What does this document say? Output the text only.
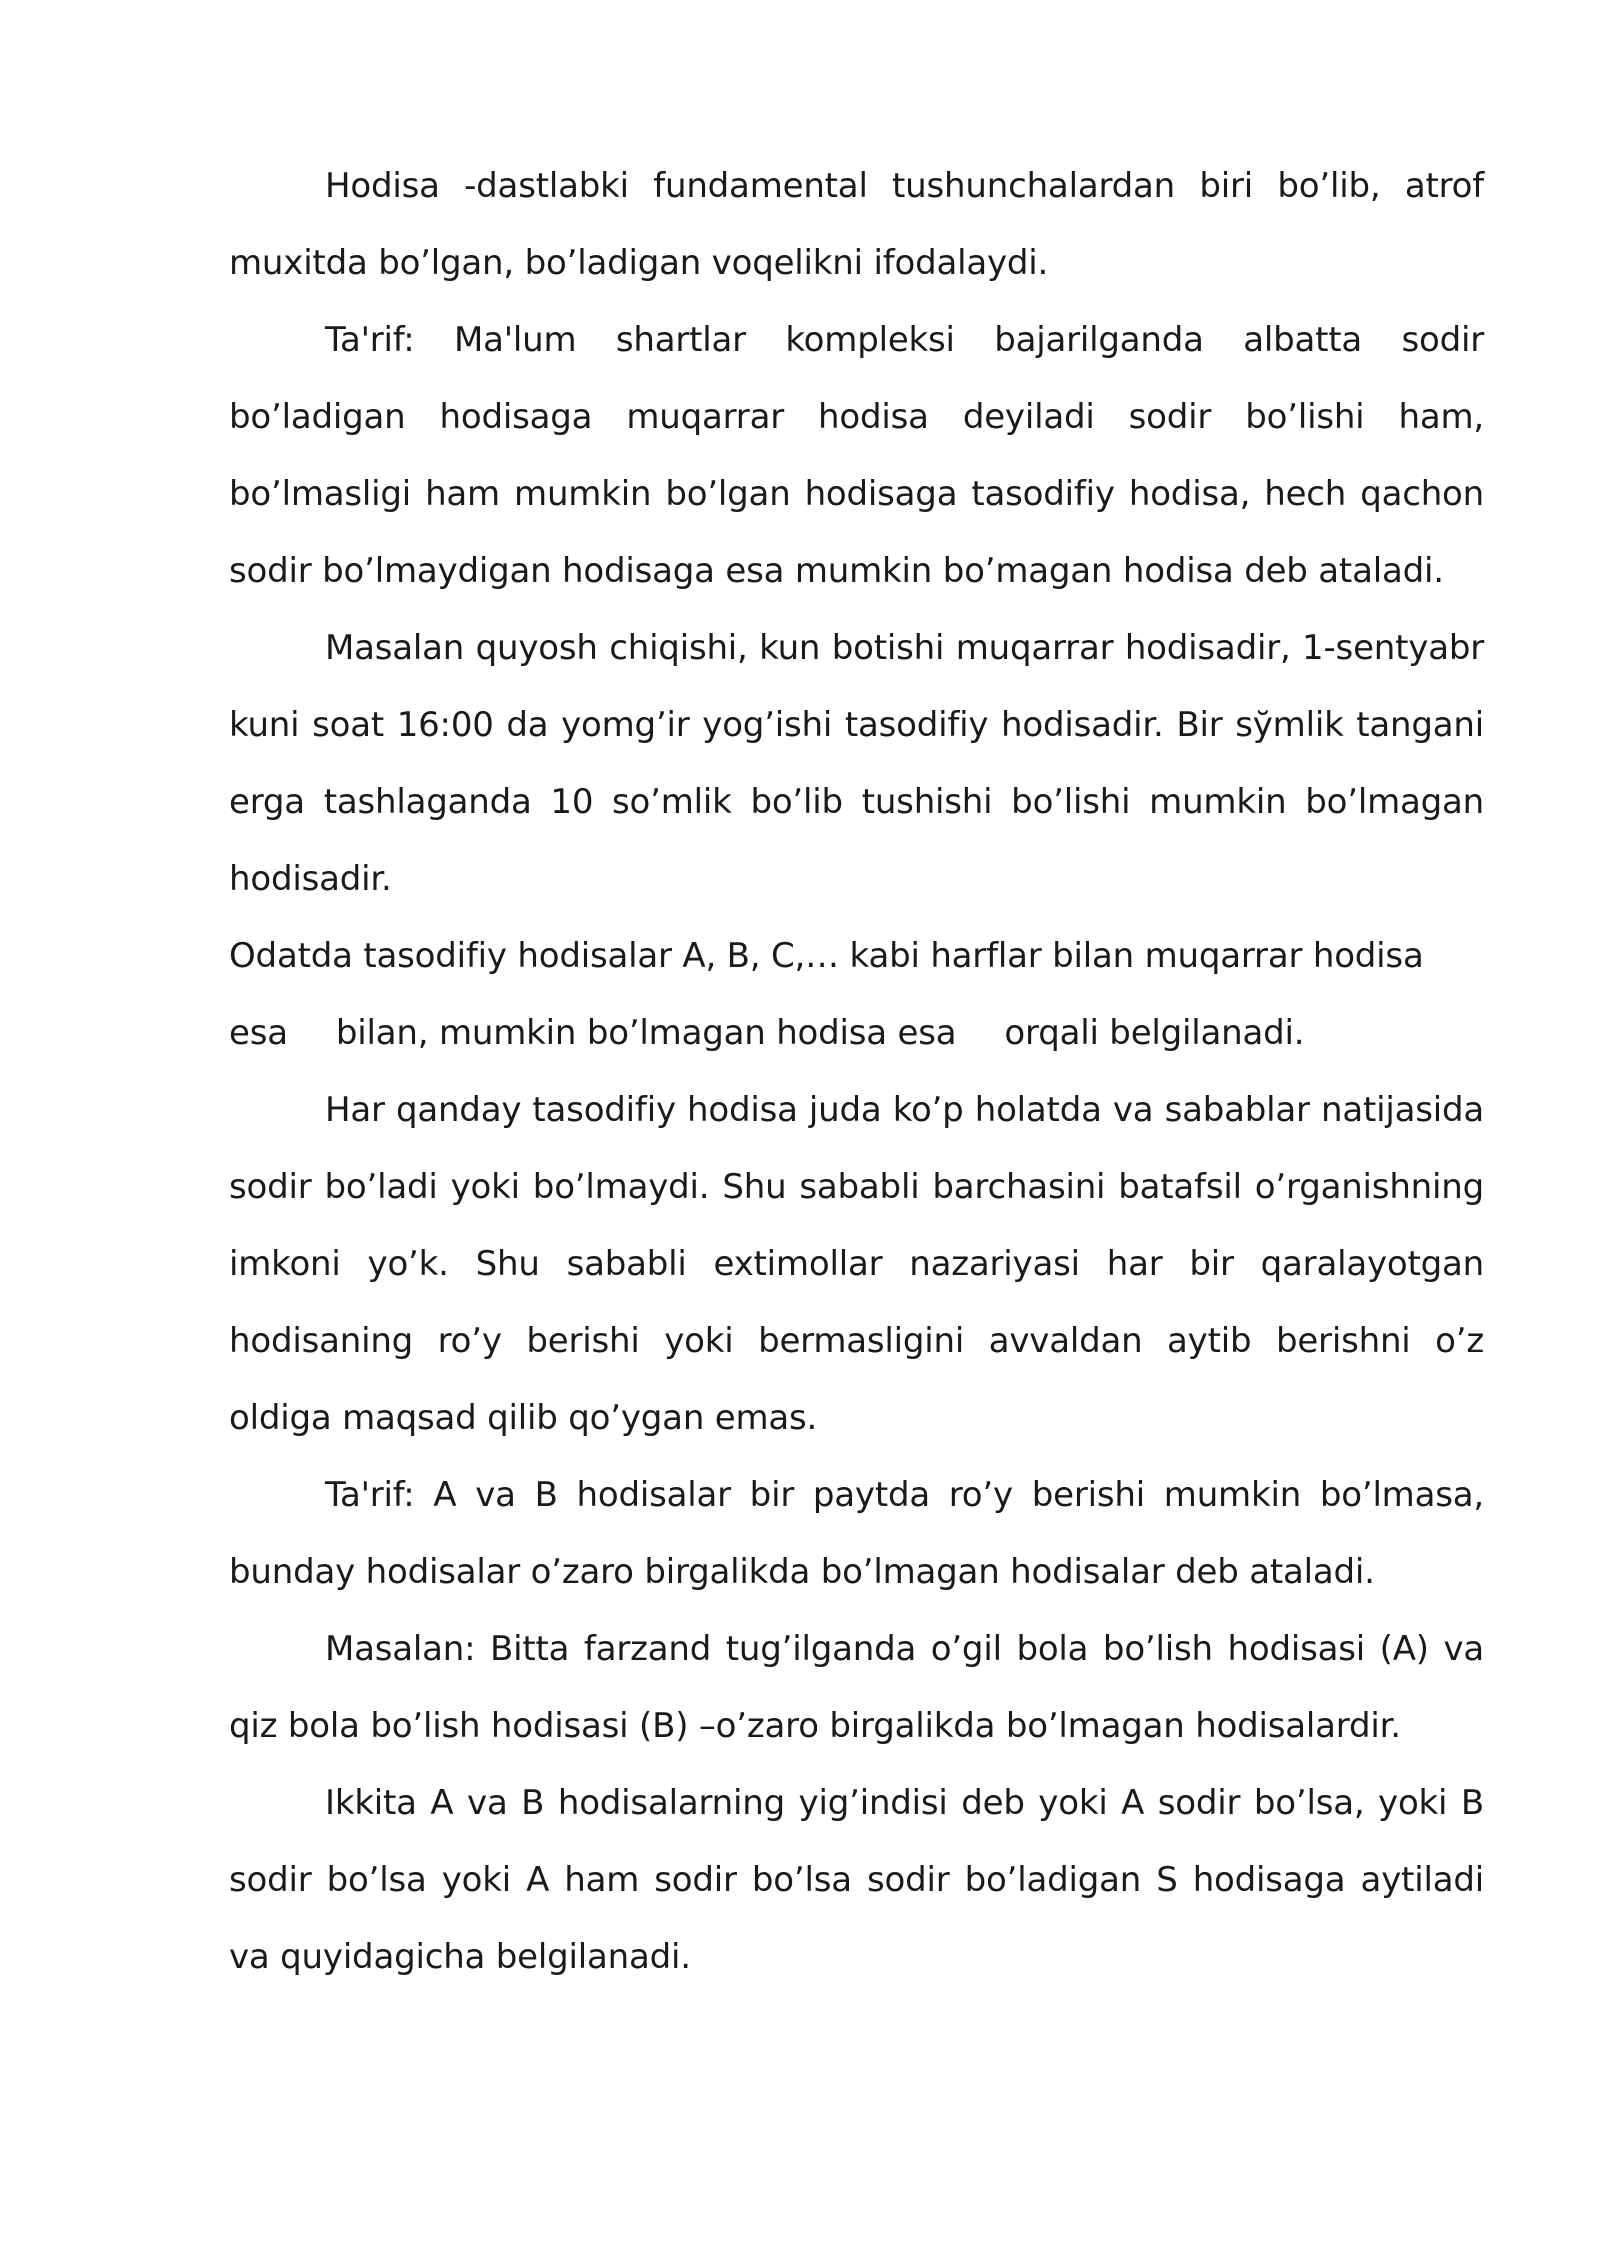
Hodisa -dastlabki fundamental tushunchalardan biri bo’lib, atrof muxitda bo’lgan, bo’ladigan voqelikni ifodalaydi.

Ta'rif: Ma'lum shartlar kompleksi bajarilganda albatta sodir bo’ladigan hodisaga muqarrar hodisa deyiladi sodir bo’lishi ham, bo’lmasligi ham mumkin bo’lgan hodisaga tasodifiy hodisa, hech qachon sodir bo’lmaydigan hodisaga esa mumkin bo’magan hodisa deb ataladi.

Masalan quyosh chiqishi, kun botishi muqarrar hodisadir, 1-sentyabr kuni soat 16:00 da yomg’ir yog’ishi tasodifiy hodisadir. Bir sўmlik tangani erga tashlaganda 10 so’mlik bo’lib tushishi bo’lishi mumkin bo’lmagan hodisadir.

Odatda tasodifiy hodisalar A, B, C,… kabi harflar bilan muqarrar hodisa esa bilan, mumkin bo’lmagan hodisa esa orqali belgilanadi.

Har qanday tasodifiy hodisa juda ko’p holatda va sabablar natijasida sodir bo’ladi yoki bo’lmaydi. Shu sababli barchasini batafsil o’rganishning imkoni yo’k. Shu sababli extimollar nazariyasi har bir qaralayotgan hodisaning ro’y berishi yoki bermasligini avvaldan aytib berishni o’z oldiga maqsad qilib qo’ygan emas.

Ta'rif: A va B hodisalar bir paytda ro’y berishi mumkin bo’lmasa, bunday hodisalar o’zaro birgalikda bo’lmagan hodisalar deb ataladi.

Masalan: Bitta farzand tug’ilganda o’gil bola bo’lish hodisasi (A) va qiz bola bo’lish hodisasi (B) –o’zaro birgalikda bo’lmagan hodisalardir.

Ikkita A va B hodisalarning yig’indisi deb yoki A sodir bo’lsa, yoki B sodir bo’lsa yoki A ham sodir bo’lsa sodir bo’ladigan S hodisaga aytiladi va quyidagicha belgilanadi.
